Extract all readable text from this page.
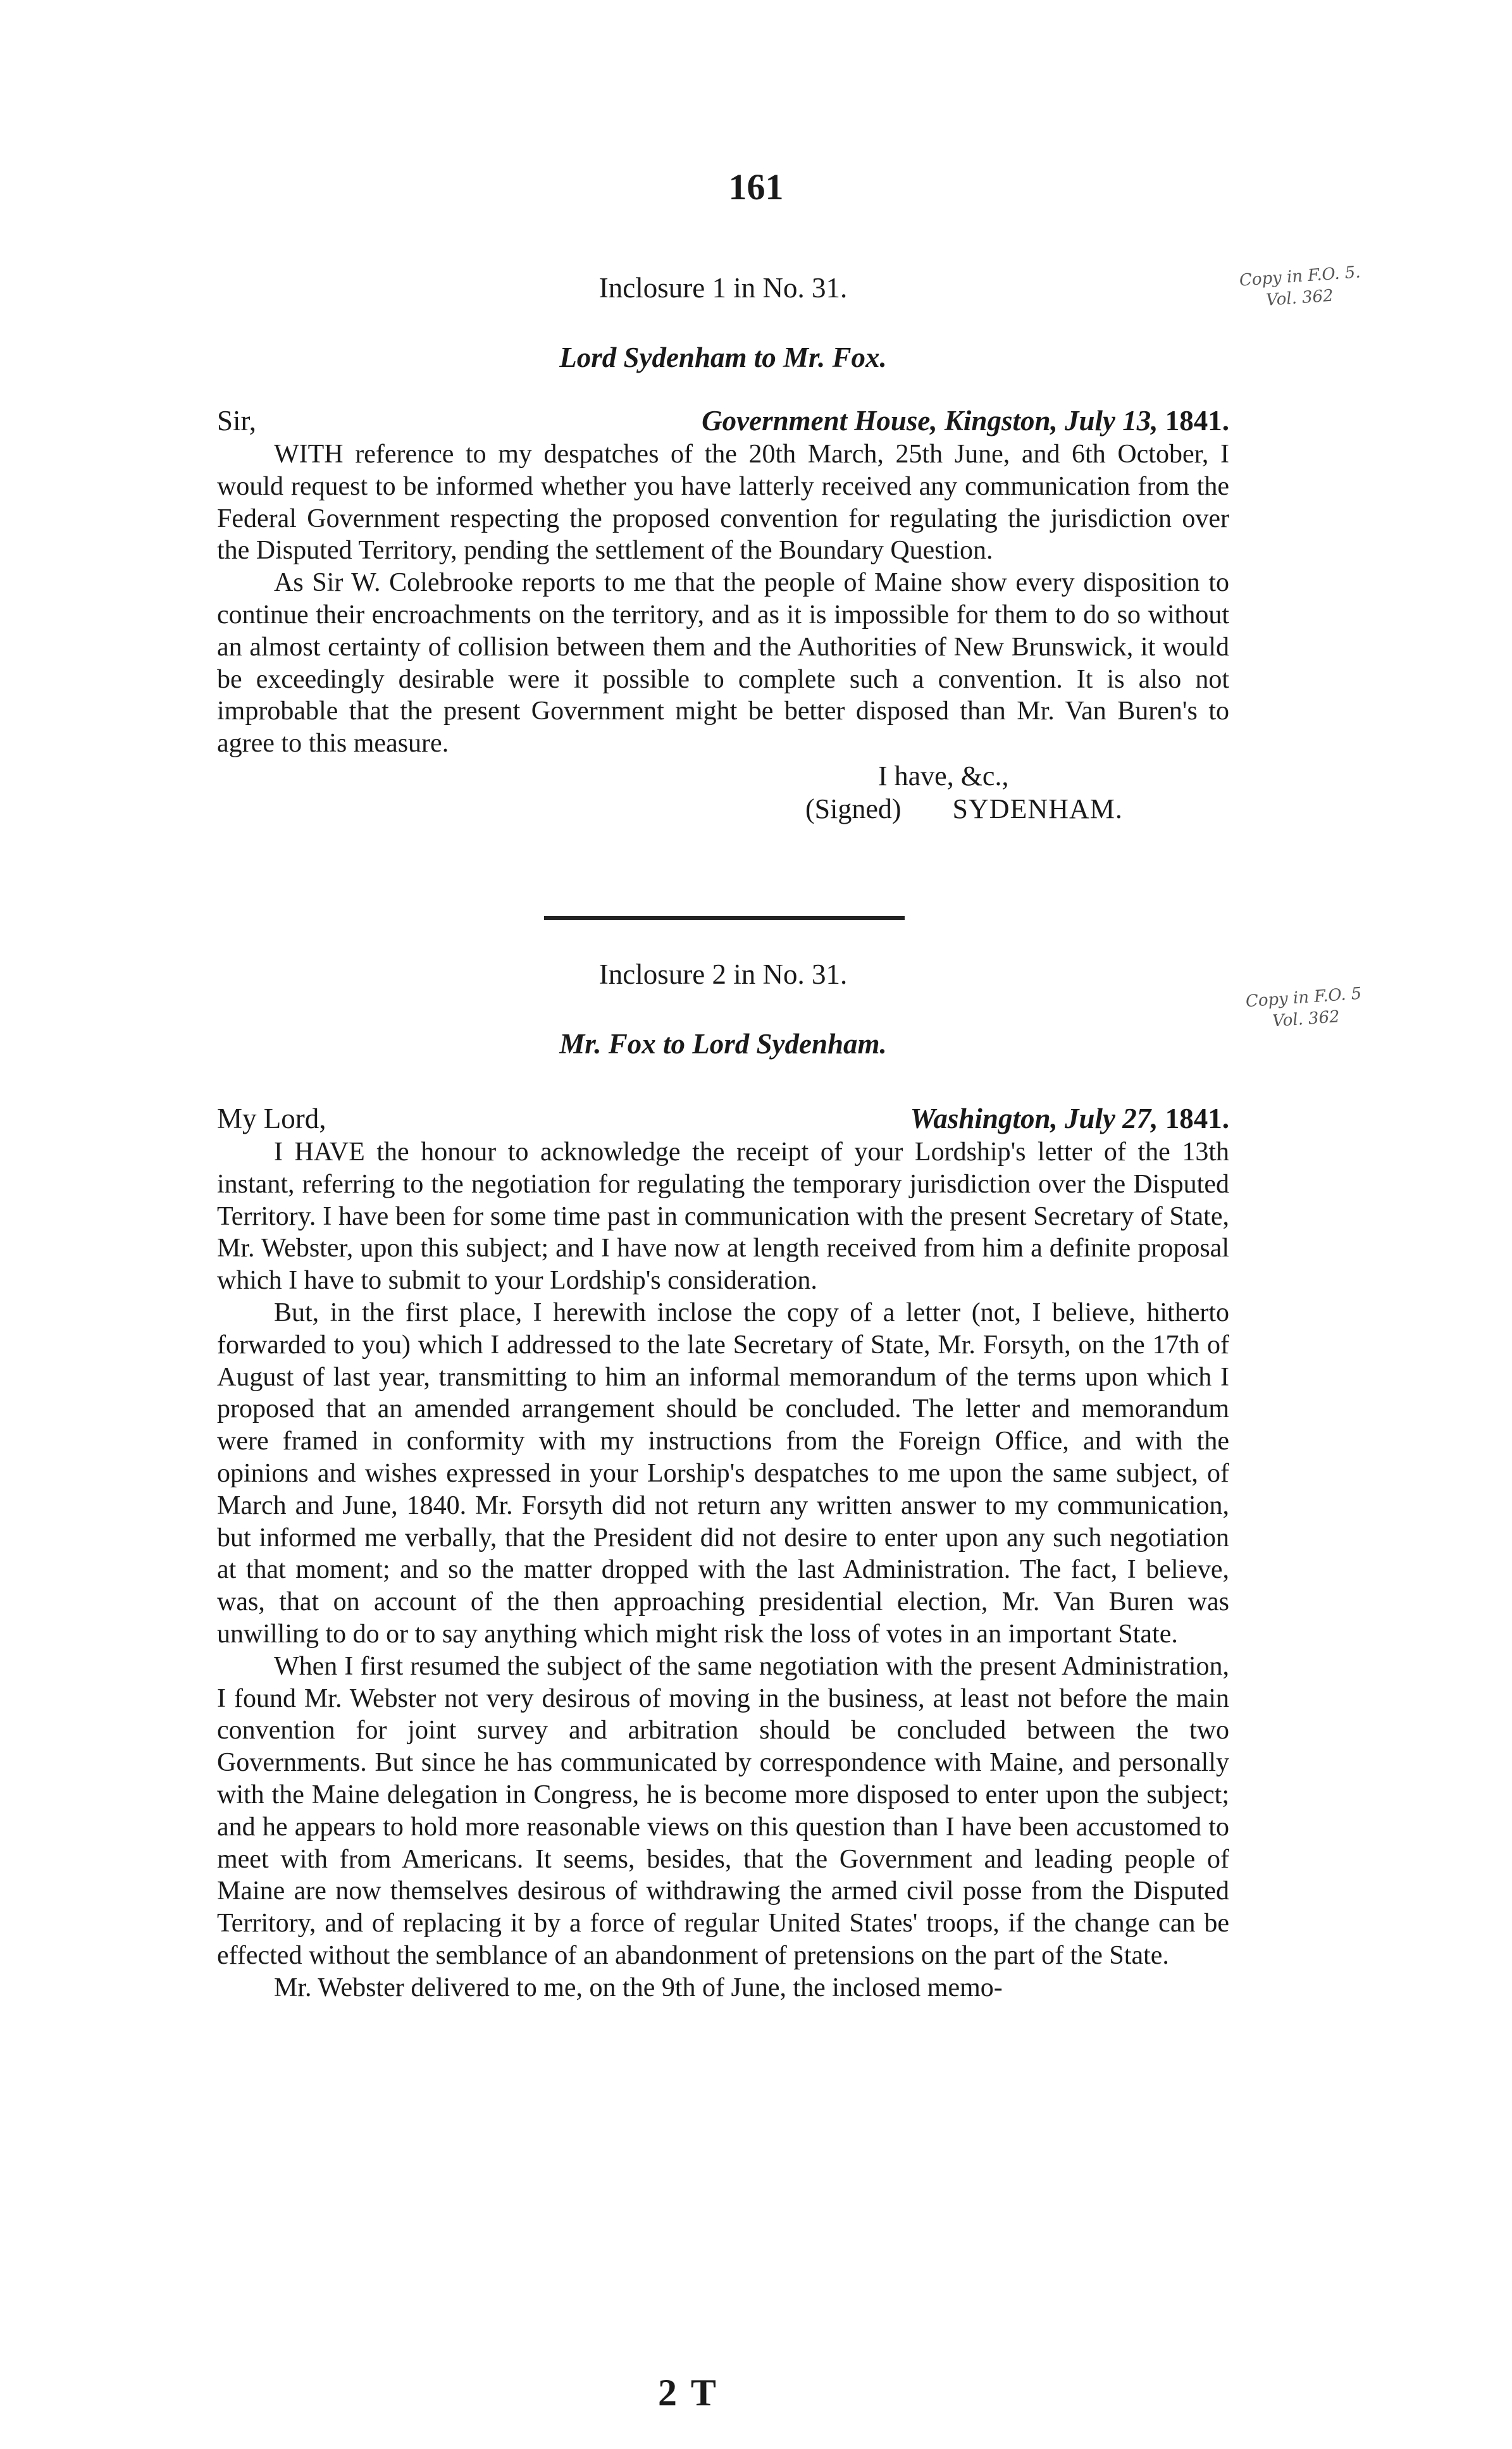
161
Copy in F.O. 5.
Vol. 362
Copy in F.O. 5
Vol. 362
Inclosure 1 in No. 31.
Lord Sydenham to Mr. Fox.
Sir,	Government House, Kingston, July 13, 1841.

WITH reference to my despatches of the 20th March, 25th June, and 6th October, I would request to be informed whether you have latterly received any communication from the Federal Government respecting the proposed convention for regulating the jurisdiction over the Disputed Territory, pending the settlement of the Boundary Question.

As Sir W. Colebrooke reports to me that the people of Maine show every disposition to continue their encroachments on the territory, and as it is impossible for them to do so without an almost certainty of collision between them and the Authorities of New Brunswick, it would be exceedingly desirable were it possible to complete such a convention. It is also not improbable that the present Government might be better disposed than Mr. Van Buren's to agree to this measure.

I have, &c.,
(Signed) SYDENHAM.
Inclosure 2 in No. 31.
Mr. Fox to Lord Sydenham.
My Lord,	Washington, July 27, 1841.

I HAVE the honour to acknowledge the receipt of your Lordship's letter of the 13th instant, referring to the negotiation for regulating the temporary jurisdiction over the Disputed Territory. I have been for some time past in communication with the present Secretary of State, Mr. Webster, upon this subject; and I have now at length received from him a definite proposal which I have to submit to your Lordship's consideration.

But, in the first place, I herewith inclose the copy of a letter (not, I believe, hitherto forwarded to you) which I addressed to the late Secretary of State, Mr. Forsyth, on the 17th of August of last year, transmitting to him an informal memorandum of the terms upon which I proposed that an amended arrangement should be concluded. The letter and memorandum were framed in conformity with my instructions from the Foreign Office, and with the opinions and wishes expressed in your Lorship's despatches to me upon the same subject, of March and June, 1840. Mr. Forsyth did not return any written answer to my communication, but informed me verbally, that the President did not desire to enter upon any such negotiation at that moment; and so the matter dropped with the last Administration. The fact, I believe, was, that on account of the then approaching presidential election, Mr. Van Buren was unwilling to do or to say anything which might risk the loss of votes in an important State.

When I first resumed the subject of the same negotiation with the present Administration, I found Mr. Webster not very desirous of moving in the business, at least not before the main convention for joint survey and arbitration should be concluded between the two Governments. But since he has communicated by correspondence with Maine, and personally with the Maine delegation in Congress, he is become more disposed to enter upon the subject; and he appears to hold more reasonable views on this question than I have been accustomed to meet with from Americans. It seems, besides, that the Government and leading people of Maine are now themselves desirous of withdrawing the armed civil posse from the Disputed Territory, and of replacing it by a force of regular United States' troops, if the change can be effected without the semblance of an abandonment of pretensions on the part of the State.

Mr. Webster delivered to me, on the 9th of June, the inclosed memo-

2 T
